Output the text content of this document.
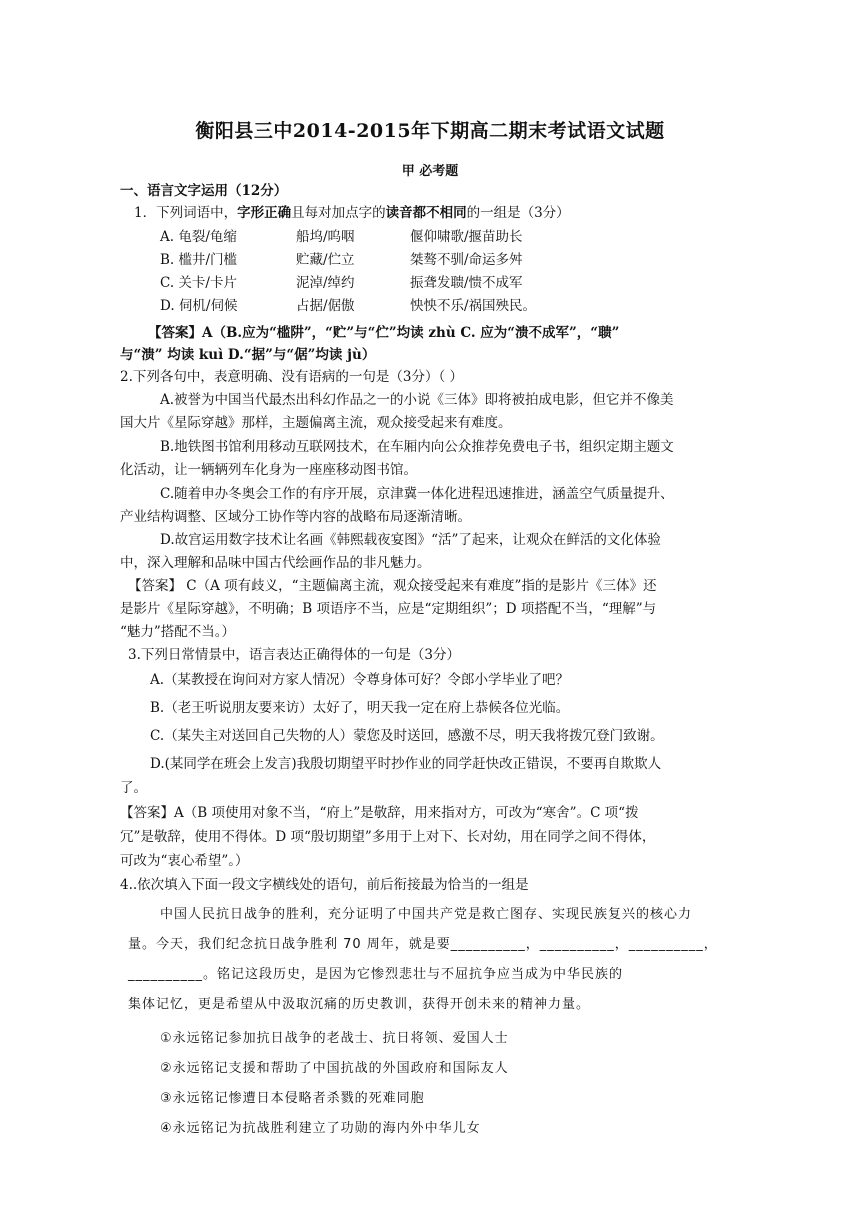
衡阳县三中2014-2015年下期高二期末考试语文试题
甲 必考题
一、语言文字运用（12分）
1．下列词语中，字形正确且每对加点字的读音都不相同的一组是（3分）
A. 龟裂/龟缩	船坞/呜咽	偃仰啸歌/揠苗助长
B. 槛井/门槛	贮藏/伫立	桀骜不驯/命运多舛
C. 关卡/卡片	泥淖/绰约	振聋发聩/愦不成军
D. 伺机/伺候	占据/倨傲	怏怏不乐/祸国殃民。
【答案】A（B.应为“槛阱”，“贮”与“伫”均读 zhù C. 应为“溃不成军”，“聩”
与“溃” 均读 kuì D.“据”与“倨”均读 jù）
2.下列各句中，表意明确、没有语病的一句是（3分）（ ）
A.被誉为中国当代最杰出科幻作品之一的小说《三体》即将被拍成电影，但它并不像美
国大片《星际穿越》那样，主题偏离主流，观众接受起来有难度。
B.地铁图书馆利用移动互联网技术，在车厢内向公众推荐免费电子书，组织定期主题文
化活动，让一辆辆列车化身为一座座移动图书馆。
C.随着申办冬奥会工作的有序开展，京津冀一体化进程迅速推进，涵盖空气质量提升、
产业结构调整、区域分工协作等内容的战略布局逐渐清晰。
D.故宫运用数字技术让名画《韩熙载夜宴图》“活”了起来，让观众在鲜活的文化体验
中，深入理解和品味中国古代绘画作品的非凡魅力。
【答案】 C（A 项有歧义，“主题偏离主流，观众接受起来有难度”指的是影片《三体》还
是影片《星际穿越》，不明确；B 项语序不当，应是“定期组织”；D 项搭配不当，“理解”与
“魅力”搭配不当。）
3.下列日常情景中，语言表达正确得体的一句是（3分）
A.（某教授在询问对方家人情况）令尊身体可好？令郎小学毕业了吧？
B.（老王听说朋友要来访）太好了，明天我一定在府上恭候各位光临。
C.（某失主对送回自己失物的人）蒙您及时送回，感激不尽，明天我将拨冗登门致谢。
D.(某同学在班会上发言)我殷切期望平时抄作业的同学赶快改正错误，不要再自欺欺人
了。
【答案】A（B 项使用对象不当，“府上”是敬辞，用来指对方，可改为“寒舍”。C 项“拨
冗”是敬辞，使用不得体。D 项“殷切期望”多用于上对下、长对幼，用在同学之间不得体，
可改为“衷心希望”。）
4..依次填入下面一段文字横线处的语句，前后衔接最为恰当的一组是
中国人民抗日战争的胜利，充分证明了中国共产党是救亡图存、实现民族复兴的核心力
量。今天，我们纪念抗日战争胜利 70 周年，就是要__________，__________，__________，
__________。铭记这段历史，是因为它惨烈悲壮与不屈抗争应当成为中华民族的
集体记忆，更是希望从中汲取沉痛的历史教训，获得开创未来的精神力量。
①永远铭记参加抗日战争的老战士、抗日将领、爱国人士
②永远铭记支援和帮助了中国抗战的外国政府和国际友人
③永远铭记惨遭日本侵略者杀戮的死难同胞
④永远铭记为抗战胜利建立了功勋的海内外中华儿女
